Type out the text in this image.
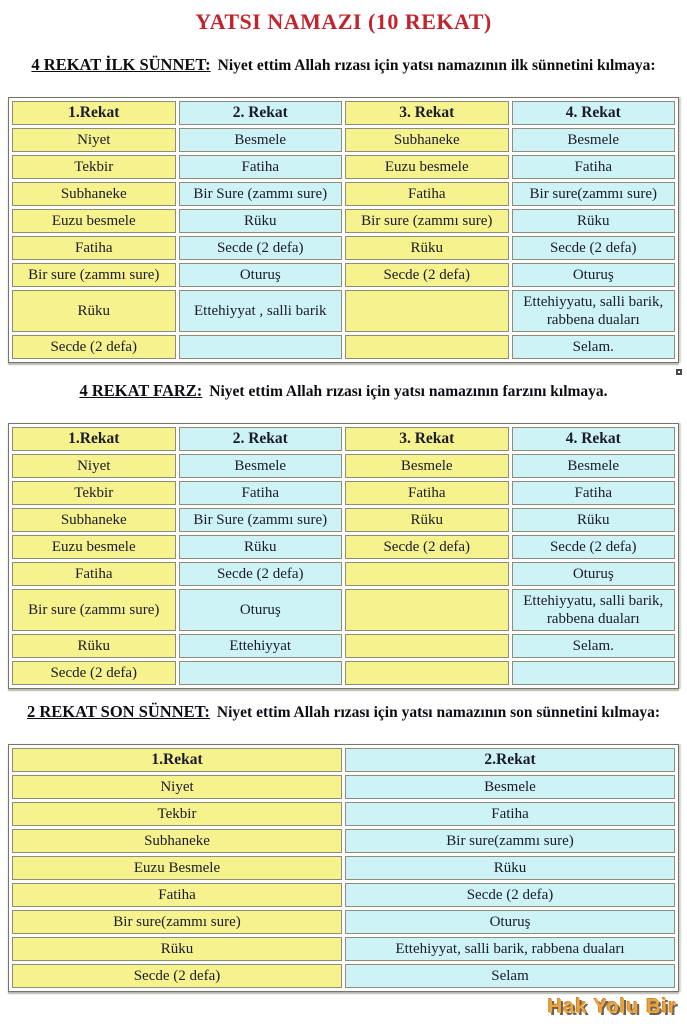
YATSI NAMAZI (10 REKAT)

4 REKAT İLK SÜNNET: Niyet ettim Allah rızası için yatsı namazının ilk sünnetini kılmaya:

1.Rekat	2. Rekat	3. Rekat	4. Rekat
Niyet	Besmele	Subhaneke	Besmele
Tekbir	Fatiha	Euzu besmele	Fatiha
Subhaneke	Bir Sure (zammı sure)	Fatiha	Bir sure(zammı sure)
Euzu besmele	Rüku	Bir sure (zammı sure)	Rüku
Fatiha	Secde (2 defa)	Rüku	Secde (2 defa)
Bir sure (zammı sure)	Oturuş	Secde (2 defa)	Oturuş
Rüku	Ettehiyyat , salli barik		Ettehiyyatu, salli barik, rabbena duaları
Secde (2 defa)			Selam.

4 REKAT FARZ: Niyet ettim Allah rızası için yatsı namazının farzını kılmaya.

1.Rekat	2. Rekat	3. Rekat	4. Rekat
Niyet	Besmele	Besmele	Besmele
Tekbir	Fatiha	Fatiha	Fatiha
Subhaneke	Bir Sure (zammı sure)	Rüku	Rüku
Euzu besmele	Rüku	Secde (2 defa)	Secde (2 defa)
Fatiha	Secde (2 defa)		Oturuş
Bir sure (zammı sure)	Oturuş		Ettehiyyatu, salli barik, rabbena duaları
Rüku	Ettehiyyat		Selam.
Secde (2 defa)			

2 REKAT SON SÜNNET: Niyet ettim Allah rızası için yatsı namazının son sünnetini kılmaya:

1.Rekat	2.Rekat
Niyet	Besmele
Tekbir	Fatiha
Subhaneke	Bir sure(zammı sure)
Euzu Besmele	Rüku
Fatiha	Secde (2 defa)
Bir sure(zammı sure)	Oturuş
Rüku	Ettehiyyat, salli barik, rabbena duaları
Secde (2 defa)	Selam
Hak Yolu Bir
